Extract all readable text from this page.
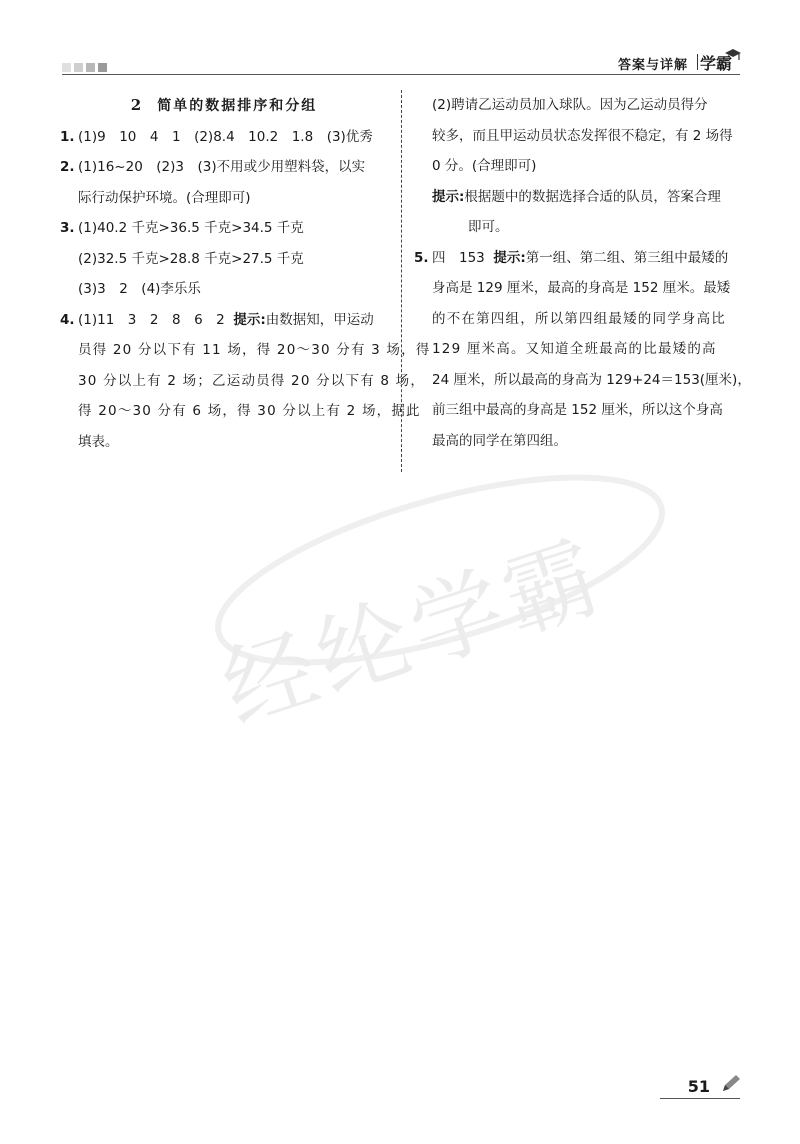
答案与详解 学霸
经纶学霸
2 简单的数据排序和分组
1. (1)9　10　4　1　(2)8.4　10.2　1.8　(3)优秀
2. (1)16~20　(2)3　(3)不用或少用塑料袋，以实
际行动保护环境。(合理即可)
3. (1)40.2 千克>36.5 千克>34.5 千克
(2)32.5 千克>28.8 千克>27.5 千克
(3)3　2　(4)李乐乐
4. (1)11　3　2　8　6　2 提示:由数据知，甲运动
员得 20 分以下有 11 场，得 20～30 分有 3 场，得
30 分以上有 2 场；乙运动员得 20 分以下有 8 场，
得 20～30 分有 6 场，得 30 分以上有 2 场，据此
填表。
(2)聘请乙运动员加入球队。因为乙运动员得分
较多，而且甲运动员状态发挥很不稳定，有 2 场得
0 分。(合理即可)
提示:根据题中的数据选择合适的队员，答案合理
即可。
5. 四　153 提示:第一组、第二组、第三组中最矮的
身高是 129 厘米，最高的身高是 152 厘米。最矮
的不在第四组，所以第四组最矮的同学身高比
129 厘米高。又知道全班最高的比最矮的高
24 厘米，所以最高的身高为 129+24＝153(厘米)，
前三组中最高的身高是 152 厘米，所以这个身高
最高的同学在第四组。
51
